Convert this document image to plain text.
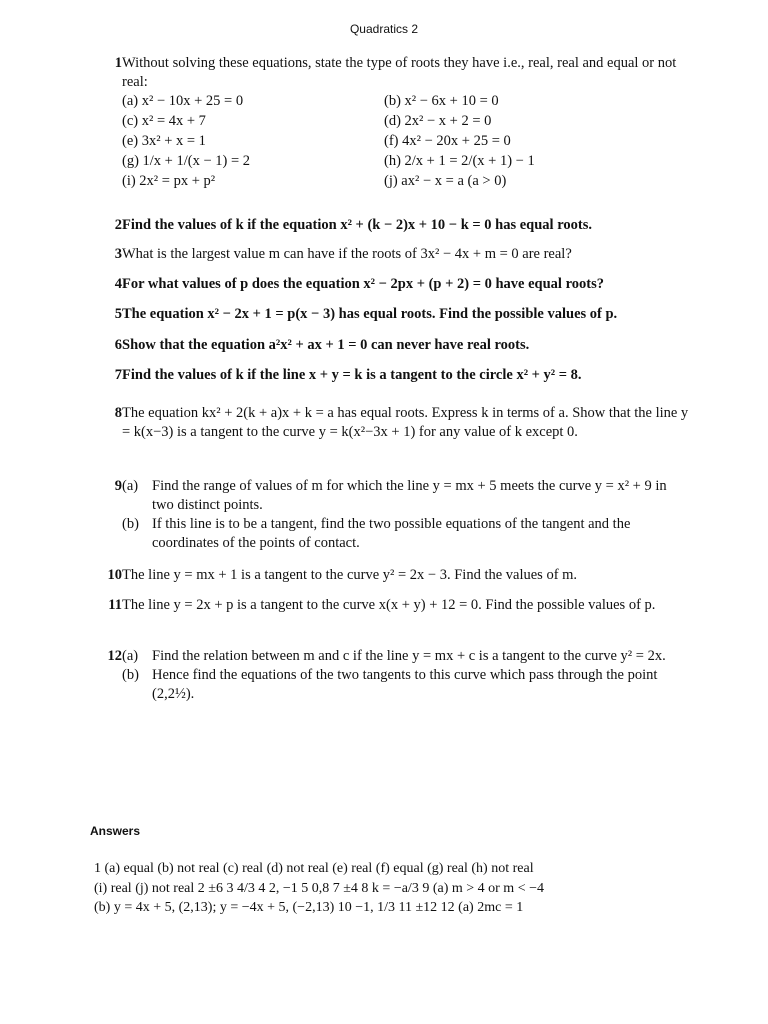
Quadratics 2
1 Without solving these equations, state the type of roots they have i.e., real, real and equal or not real:
(a) x² − 10x + 25 = 0	(b) x² − 6x + 10 = 0
(c) x² = 4x + 7	(d) 2x² − x + 2 = 0
(e) 3x² + x = 1	(f) 4x² − 20x + 25 = 0
(g) 1/x + 1/(x − 1) = 2	(h) 2/x + 1 = 2/(x + 1) − 1
(i) 2x² = px + p²	(j) ax² − x = a (a > 0)
2 Find the values of k if the equation x² + (k − 2)x + 10 − k = 0 has equal roots.
3 What is the largest value m can have if the roots of 3x² − 4x + m = 0 are real?
4 For what values of p does the equation x² − 2px + (p + 2) = 0 have equal roots?
5 The equation x² − 2x + 1 = p(x − 3) has equal roots. Find the possible values of p.
6 Show that the equation a²x² + ax + 1 = 0 can never have real roots.
7 Find the values of k if the line x + y = k is a tangent to the circle x² + y² = 8.
8 The equation kx² + 2(k + a)x + k = a has equal roots. Express k in terms of a. Show that the line y = k(x−3) is a tangent to the curve y = k(x²−3x + 1) for any value of k except 0.
9 (a) Find the range of values of m for which the line y = mx + 5 meets the curve y = x² + 9 in two distinct points.
(b) If this line is to be a tangent, find the two possible equations of the tangent and the coordinates of the points of contact.
10 The line y = mx + 1 is a tangent to the curve y² = 2x − 3. Find the values of m.
11 The line y = 2x + p is a tangent to the curve x(x + y) + 12 = 0. Find the possible values of p.
12 (a) Find the relation between m and c if the line y = mx + c is a tangent to the curve y² = 2x.
(b) Hence find the equations of the two tangents to this curve which pass through the point (2,2½).
Answers
1 (a) equal (b) not real (c) real (d) not real (e) real (f) equal (g) real (h) not real
(i) real (j) not real 2 ±6 3 4/3 4 2, −1 5 0,8 7 ±4 8 k = −a/3 9 (a) m > 4 or m < −4
(b) y = 4x + 5, (2,13); y = −4x + 5, (−2,13) 10 −1, 1/3 11 ±12 12 (a) 2mc = 1
